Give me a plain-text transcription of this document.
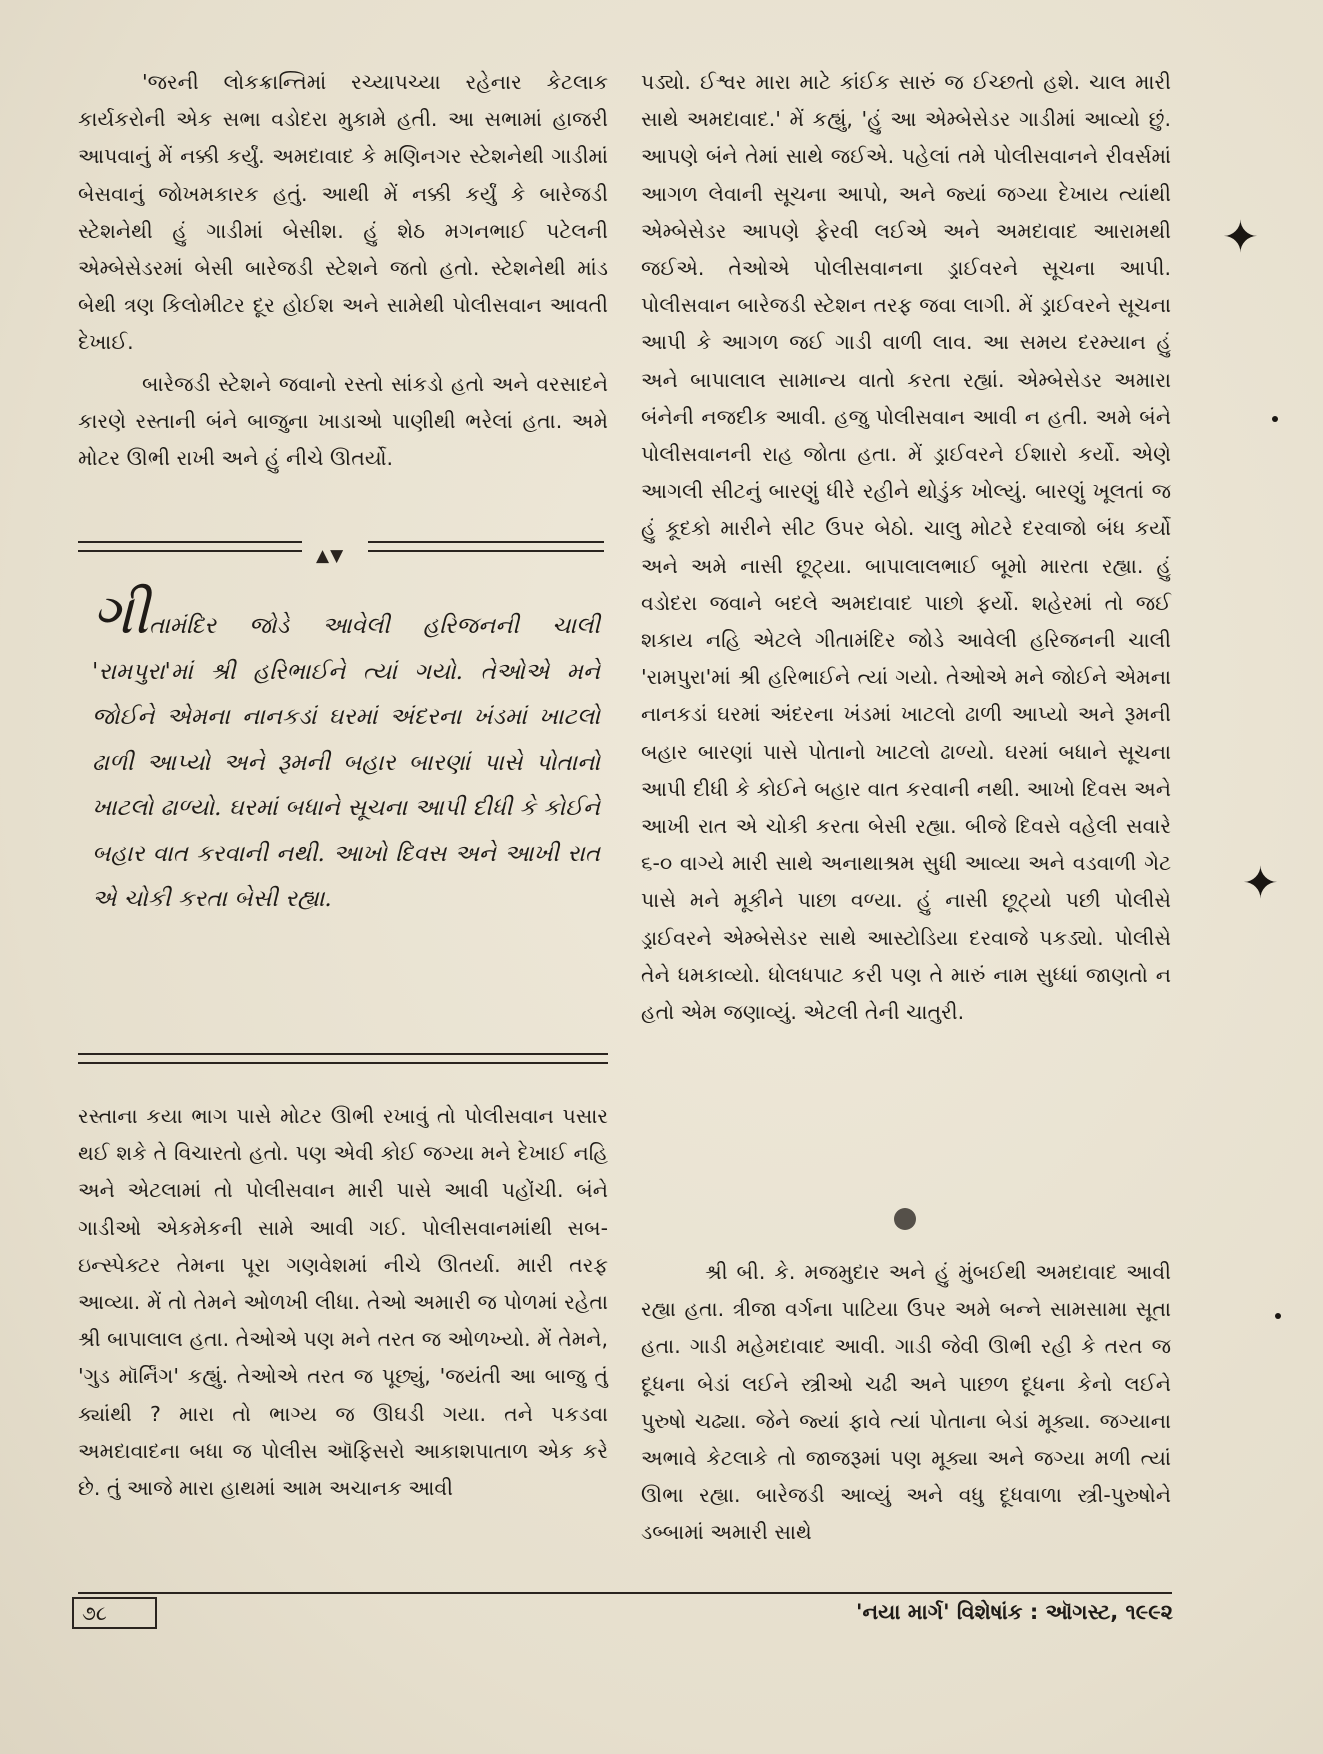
'જરની લોકક્રાન્તિમાં રચ્યાપચ્યા રહેનાર કેટલાક કાર્યકરોની એક સભા વડોદરા મુકામે હતી. આ સભામાં હાજરી આપવાનું મેં નક્કી કર્યું. અમદાવાદ કે મણિનગર સ્ટેશનેથી ગાડીમાં બેસવાનું જોખમકારક હતું. આથી મેં નક્કી કર્યું કે બારેજડી સ્ટેશનેથી હું ગાડીમાં બેસીશ. હું શેઠ મગનભાઈ પટેલની એમ્બેસેડરમાં બેસી બારેજડી સ્ટેશને જતો હતો. સ્ટેશનેથી માંડ બેથી ત્રણ કિલોમીટર દૂર હોઈશ અને સામેથી પોલીસવાન આવતી દેખાઈ.

બારેજડી સ્ટેશને જવાનો રસ્તો સાંકડો હતો અને વરસાદને કારણે રસ્તાની બંને બાજુના ખાડાઓ પાણીથી ભરેલાં હતા. અમે મોટર ઊભી રાખી અને હું નીચે ઊતર્યો.

▲▼

ગીતામંદિર જોડે આવેલી હરિજનની ચાલી 'રામપુરા'માં શ્રી હરિભાઈને ત્યાં ગયો. તેઓએ મને જોઈને એમના નાનકડાં ઘરમાં અંદરના ખંડમાં ખાટલો ઢાળી આપ્યો અને રૂમની બહાર બારણાં પાસે પોતાનો ખાટલો ઢાળ્યો. ઘરમાં બધાને સૂચના આપી દીધી કે કોઈને બહાર વાત કરવાની નથી. આખો દિવસ અને આખી રાત એ ચોકી કરતા બેસી રહ્યા.

રસ્તાના કયા ભાગ પાસે મોટર ઊભી રખાવું તો પોલીસવાન પસાર થઈ શકે તે વિચારતો હતો. પણ એવી કોઈ જગ્યા મને દેખાઈ નહિ અને એટલામાં તો પોલીસવાન મારી પાસે આવી પહોંચી. બંને ગાડીઓ એકમેકની સામે આવી ગઈ. પોલીસવાનમાંથી સબ-ઇન્સ્પેક્ટર તેમના પૂરા ગણવેશમાં નીચે ઊતર્યા. મારી તરફ આવ્યા. મેં તો તેમને ઓળખી લીધા. તેઓ અમારી જ પોળમાં રહેતા શ્રી બાપાલાલ હતા. તેઓએ પણ મને તરત જ ઓળખ્યો. મેં તેમને, 'ગુડ મૉર્નિંગ' કહ્યું. તેઓએ તરત જ પૂછ્યું, 'જયંતી આ બાજુ તું ક્યાંથી ? મારા તો ભાગ્ય જ ઊઘડી ગયા. તને પકડવા અમદાવાદના બધા જ પોલીસ ઑફિસરો આકાશપાતાળ એક કરે છે. તું આજે મારા હાથમાં આમ અચાનક આવી

પડ્યો. ઈશ્વર મારા માટે કાંઈક સારું જ ઈચ્છતો હશે. ચાલ મારી સાથે અમદાવાદ.' મેં કહ્યું, 'હું આ એમ્બેસેડર ગાડીમાં આવ્યો છું. આપણે બંને તેમાં સાથે જઈએ. પહેલાં તમે પોલીસવાનને રીવર્સમાં આગળ લેવાની સૂચના આપો, અને જ્યાં જગ્યા દેખાય ત્યાંથી એમ્બેસેડર આપણે ફેરવી લઈએ અને અમદાવાદ આરામથી જઈએ. તેઓએ પોલીસવાનના ડ્રાઈવરને સૂચના આપી. પોલીસવાન બારેજડી સ્ટેશન તરફ જવા લાગી. મેં ડ્રાઈવરને સૂચના આપી કે આગળ જઈ ગાડી વાળી લાવ. આ સમય દરમ્યાન હું અને બાપાલાલ સામાન્ય વાતો કરતા રહ્યાં. એમ્બેસેડર અમારા બંનેની નજદીક આવી. હજુ પોલીસવાન આવી ન હતી. અમે બંને પોલીસવાનની રાહ જોતા હતા. મેં ડ્રાઈવરને ઈશારો કર્યો. એણે આગલી સીટનું બારણું ધીરે રહીને થોડુંક ખોલ્યું. બારણું ખૂલતાં જ હું કૂદકો મારીને સીટ ઉપર બેઠો. ચાલુ મોટરે દરવાજો બંધ કર્યો અને અમે નાસી છૂટ્યા. બાપાલાલભાઈ બૂમો મારતા રહ્યા. હું વડોદરા જવાને બદલે અમદાવાદ પાછો ફર્યો. શહેરમાં તો જઈ શકાય નહિ એટલે ગીતામંદિર જોડે આવેલી હરિજનની ચાલી 'રામપુરા'માં શ્રી હરિભાઈને ત્યાં ગયો. તેઓએ મને જોઈને એમના નાનકડાં ઘરમાં અંદરના ખંડમાં ખાટલો ઢાળી આપ્યો અને રૂમની બહાર બારણાં પાસે પોતાનો ખાટલો ઢાળ્યો. ઘરમાં બધાને સૂચના આપી દીધી કે કોઈને બહાર વાત કરવાની નથી. આખો દિવસ અને આખી રાત એ ચોકી કરતા બેસી રહ્યા. બીજે દિવસે વહેલી સવારે ૬-૦ વાગ્યે મારી સાથે અનાથાશ્રમ સુધી આવ્યા અને વડવાળી ગેટ પાસે મને મૂકીને પાછા વળ્યા. હું નાસી છૂટ્યો પછી પોલીસે ડ્રાઈવરને એમ્બેસેડર સાથે આસ્ટોડિયા દરવાજે પકડ્યો. પોલીસે તેને ધમકાવ્યો. ધોલધપાટ કરી પણ તે મારું નામ સુધ્ધાં જાણતો ન હતો એમ જણાવ્યું. એટલી તેની ચાતુરી.

શ્રી બી. કે. મજમુદાર અને હું મુંબઈથી અમદાવાદ આવી રહ્યા હતા. ત્રીજા વર્ગના પાટિયા ઉપર અમે બન્ને સામસામા સૂતા હતા. ગાડી મહેમદાવાદ આવી. ગાડી જેવી ઊભી રહી કે તરત જ દૂધના બેડાં લઈને સ્ત્રીઓ ચઢી અને પાછળ દૂધના કેનો લઈને પુરુષો ચઢ્યા. જેને જ્યાં ફાવે ત્યાં પોતાના બેડાં મૂક્યા. જગ્યાના અભાવે કેટલાકે તો જાજરૂમાં પણ મૂક્યા અને જગ્યા મળી ત્યાં ઊભા રહ્યા. બારેજડી આવ્યું અને વધુ દૂધવાળા સ્ત્રી-પુરુષોને ડબ્બામાં અમારી સાથે

૭૮	'નયા માર્ગ' વિશેષાંક : ઑગસ્ટ, ૧૯૯૨
✦
✦
